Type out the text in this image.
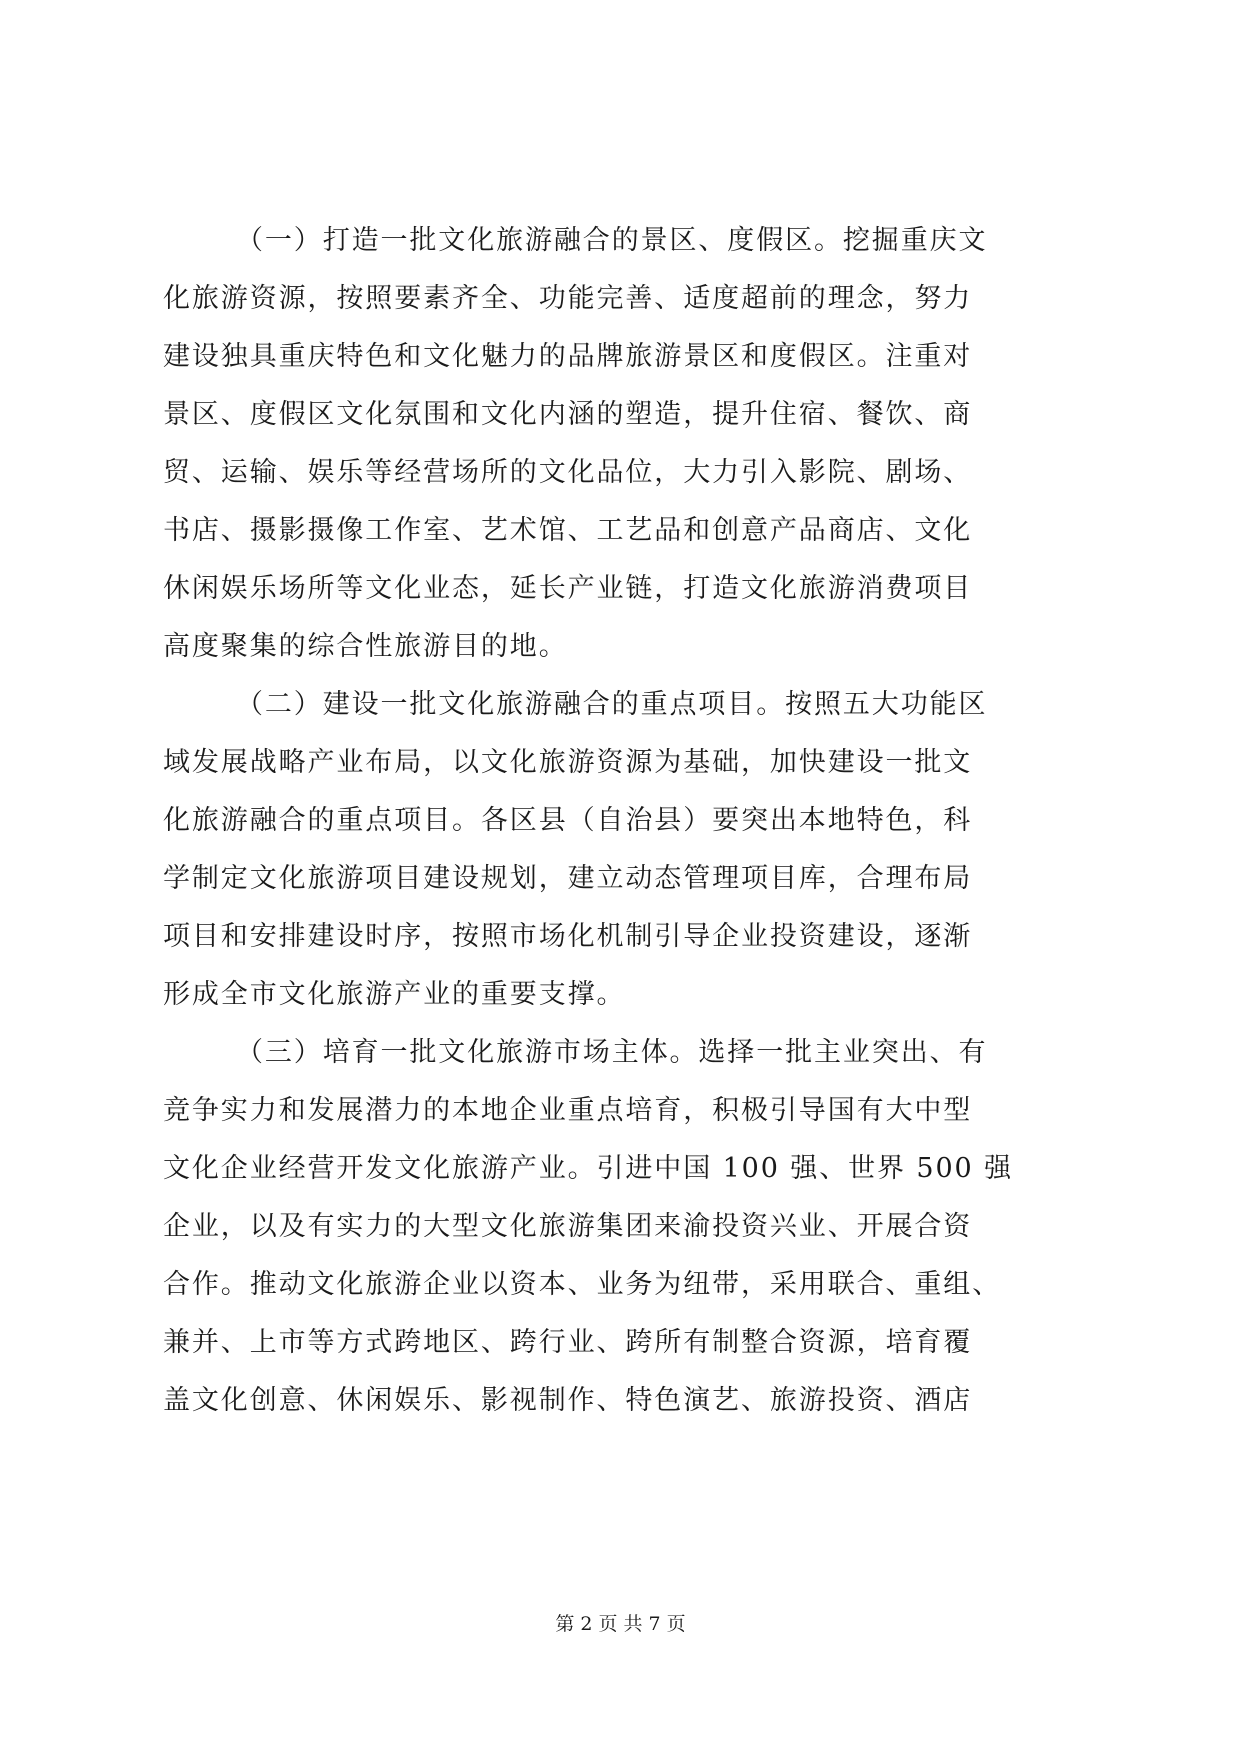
（一）打造一批文化旅游融合的景区、度假区。挖掘重庆文
化旅游资源，按照要素齐全、功能完善、适度超前的理念，努力
建设独具重庆特色和文化魅力的品牌旅游景区和度假区。注重对
景区、度假区文化氛围和文化内涵的塑造，提升住宿、餐饮、商
贸、运输、娱乐等经营场所的文化品位，大力引入影院、剧场、
书店、摄影摄像工作室、艺术馆、工艺品和创意产品商店、文化
休闲娱乐场所等文化业态，延长产业链，打造文化旅游消费项目
高度聚集的综合性旅游目的地。
（二）建设一批文化旅游融合的重点项目。按照五大功能区
域发展战略产业布局，以文化旅游资源为基础，加快建设一批文
化旅游融合的重点项目。各区县（自治县）要突出本地特色，科
学制定文化旅游项目建设规划，建立动态管理项目库，合理布局
项目和安排建设时序，按照市场化机制引导企业投资建设，逐渐
形成全市文化旅游产业的重要支撑。
（三）培育一批文化旅游市场主体。选择一批主业突出、有
竞争实力和发展潜力的本地企业重点培育，积极引导国有大中型
文化企业经营开发文化旅游产业。引进中国 100 强、世界 500 强
企业，以及有实力的大型文化旅游集团来渝投资兴业、开展合资
合作。推动文化旅游企业以资本、业务为纽带，采用联合、重组、
兼并、上市等方式跨地区、跨行业、跨所有制整合资源，培育覆
盖文化创意、休闲娱乐、影视制作、特色演艺、旅游投资、酒店
第 2 页 共 7 页
